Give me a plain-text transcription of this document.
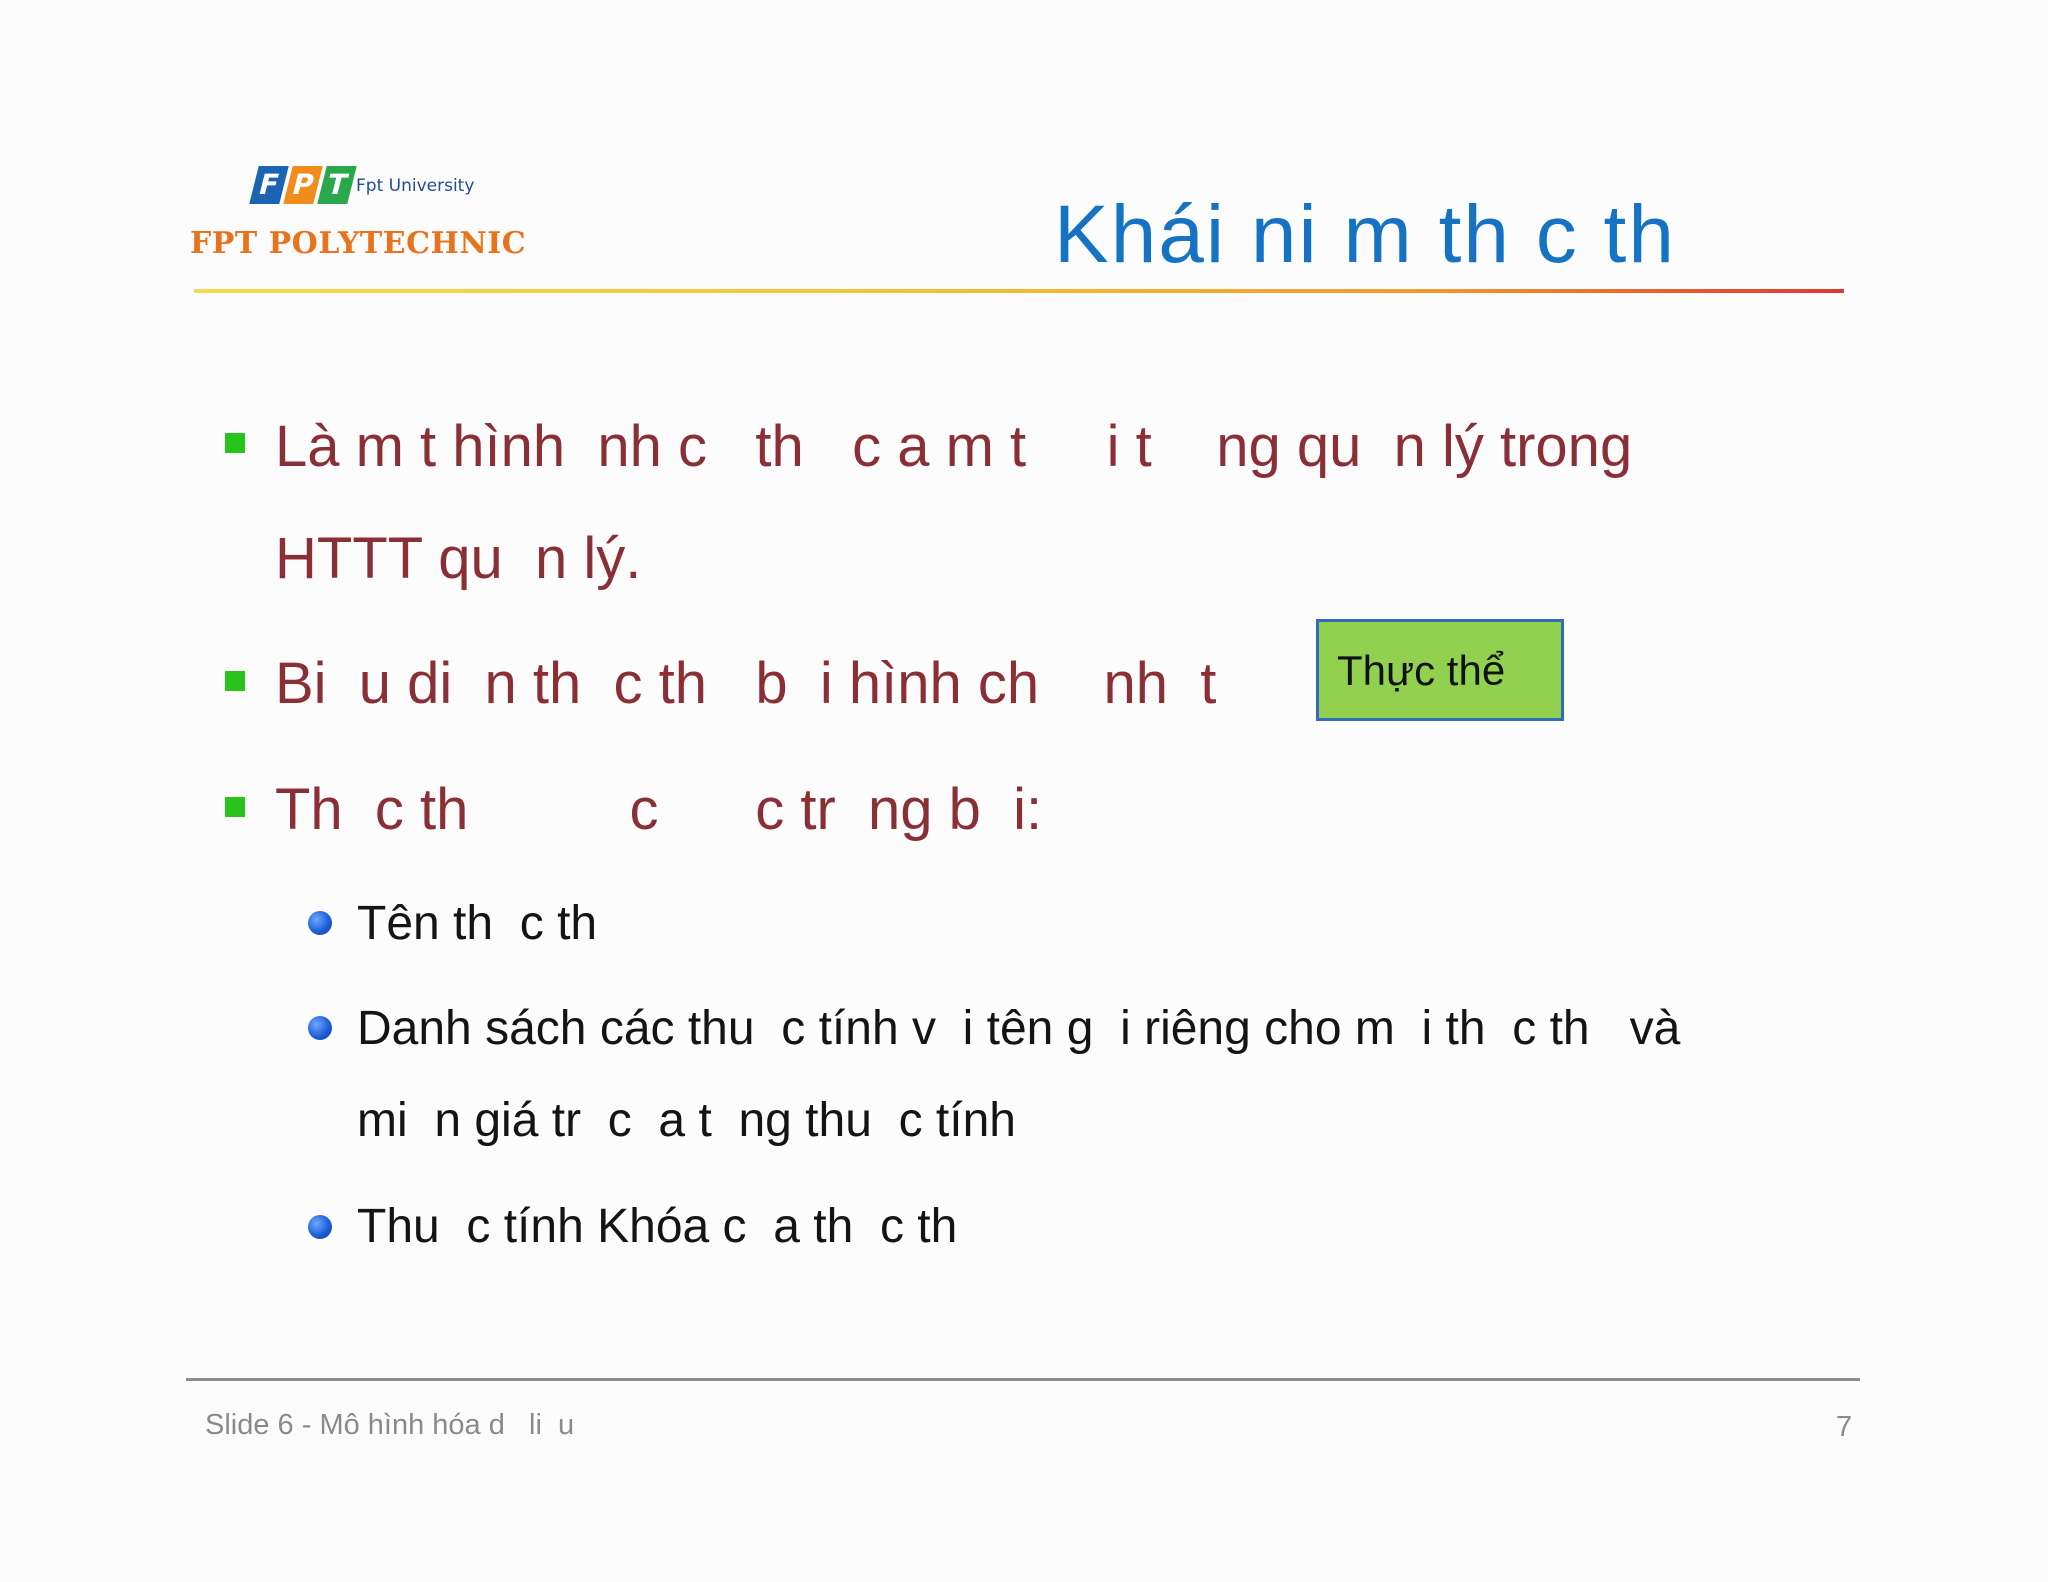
F P T Fpt University
FPT POLYTECHNIC	Khái ni m th c th
Là m t hình  nh c   th   c a m t     i t    ng qu  n lý trong
HTTT qu  n lý.
Bi  u di  n th  c th   b  i hình ch    nh  t	Thực thể
Th  c th          c      c tr  ng b  i:
Tên th  c th
Danh sách các thu  c tính v  i tên g  i riêng cho m  i th  c th   và
mi  n giá tr  c  a t  ng thu  c tính
Thu  c tính Khóa c  a th  c th
Slide 6 - Mô hình hóa d   li  u	7
